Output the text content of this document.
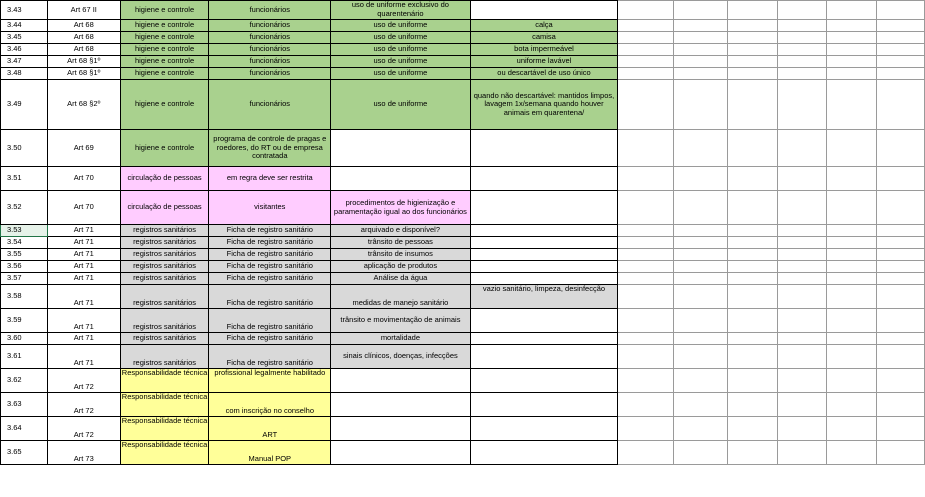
3.43	Art 67 II	higiene e controle	funcionários	uso de uniforme exclusivo do quarentenário							
3.44	Art 68	higiene e controle	funcionários	uso de uniforme	calça						
3.45	Art 68	higiene e controle	funcionários	uso de uniforme	camisa						
3.46	Art 68	higiene e controle	funcionários	uso de uniforme	bota impermeável						
3.47	Art 68 §1º	higiene e controle	funcionários	uso de uniforme	uniforme lavável						
3.48	Art 68 §1º	higiene e controle	funcionários	uso de uniforme	ou descartável de uso único						
3.49	Art 68 §2º	higiene e controle	funcionários	uso de uniforme	quando não descartável: mantidos limpos, lavagem 1x/semana quando houver animais em quarentena/						
3.50	Art 69	higiene e controle	programa de controle de pragas e roedores, do RT ou de empresa contratada								
3.51	Art 70	circulação de pessoas	em regra deve ser restrita								
3.52	Art 70	circulação de pessoas	visitantes	procedimentos de higienização e paramentação igual ao dos funcionários							
3.53	Art 71	registros sanitários	Ficha de registro sanitário	arquivado e disponível?							
3.54	Art 71	registros sanitários	Ficha de registro sanitário	trânsito de pessoas							
3.55	Art 71	registros sanitários	Ficha de registro sanitário	trânsito de insumos							
3.56	Art 71	registros sanitários	Ficha de registro sanitário	aplicação de produtos							
3.57	Art 71	registros sanitários	Ficha de registro sanitário	Análise da água							
3.58	Art 71	registros sanitários	Ficha de registro sanitário	medidas de manejo sanitário	vazio sanitário, limpeza, desinfecção						
3.59	Art 71	registros sanitários	Ficha de registro sanitário	trânsito e movimentação de animais							
3.60	Art 71	registros sanitários	Ficha de registro sanitário	mortalidade							
3.61	Art 71	registros sanitários	Ficha de registro sanitário	sinais clínicos, doenças, infecções							
3.62	Art 72	Responsabilidade técnica	profissional legalmente habilitado								
3.63	Art 72	Responsabilidade técnica	com inscrição no conselho								
3.64	Art 72	Responsabilidade técnica	ART								
3.65	Art 73	Responsabilidade técnica	Manual POP								
